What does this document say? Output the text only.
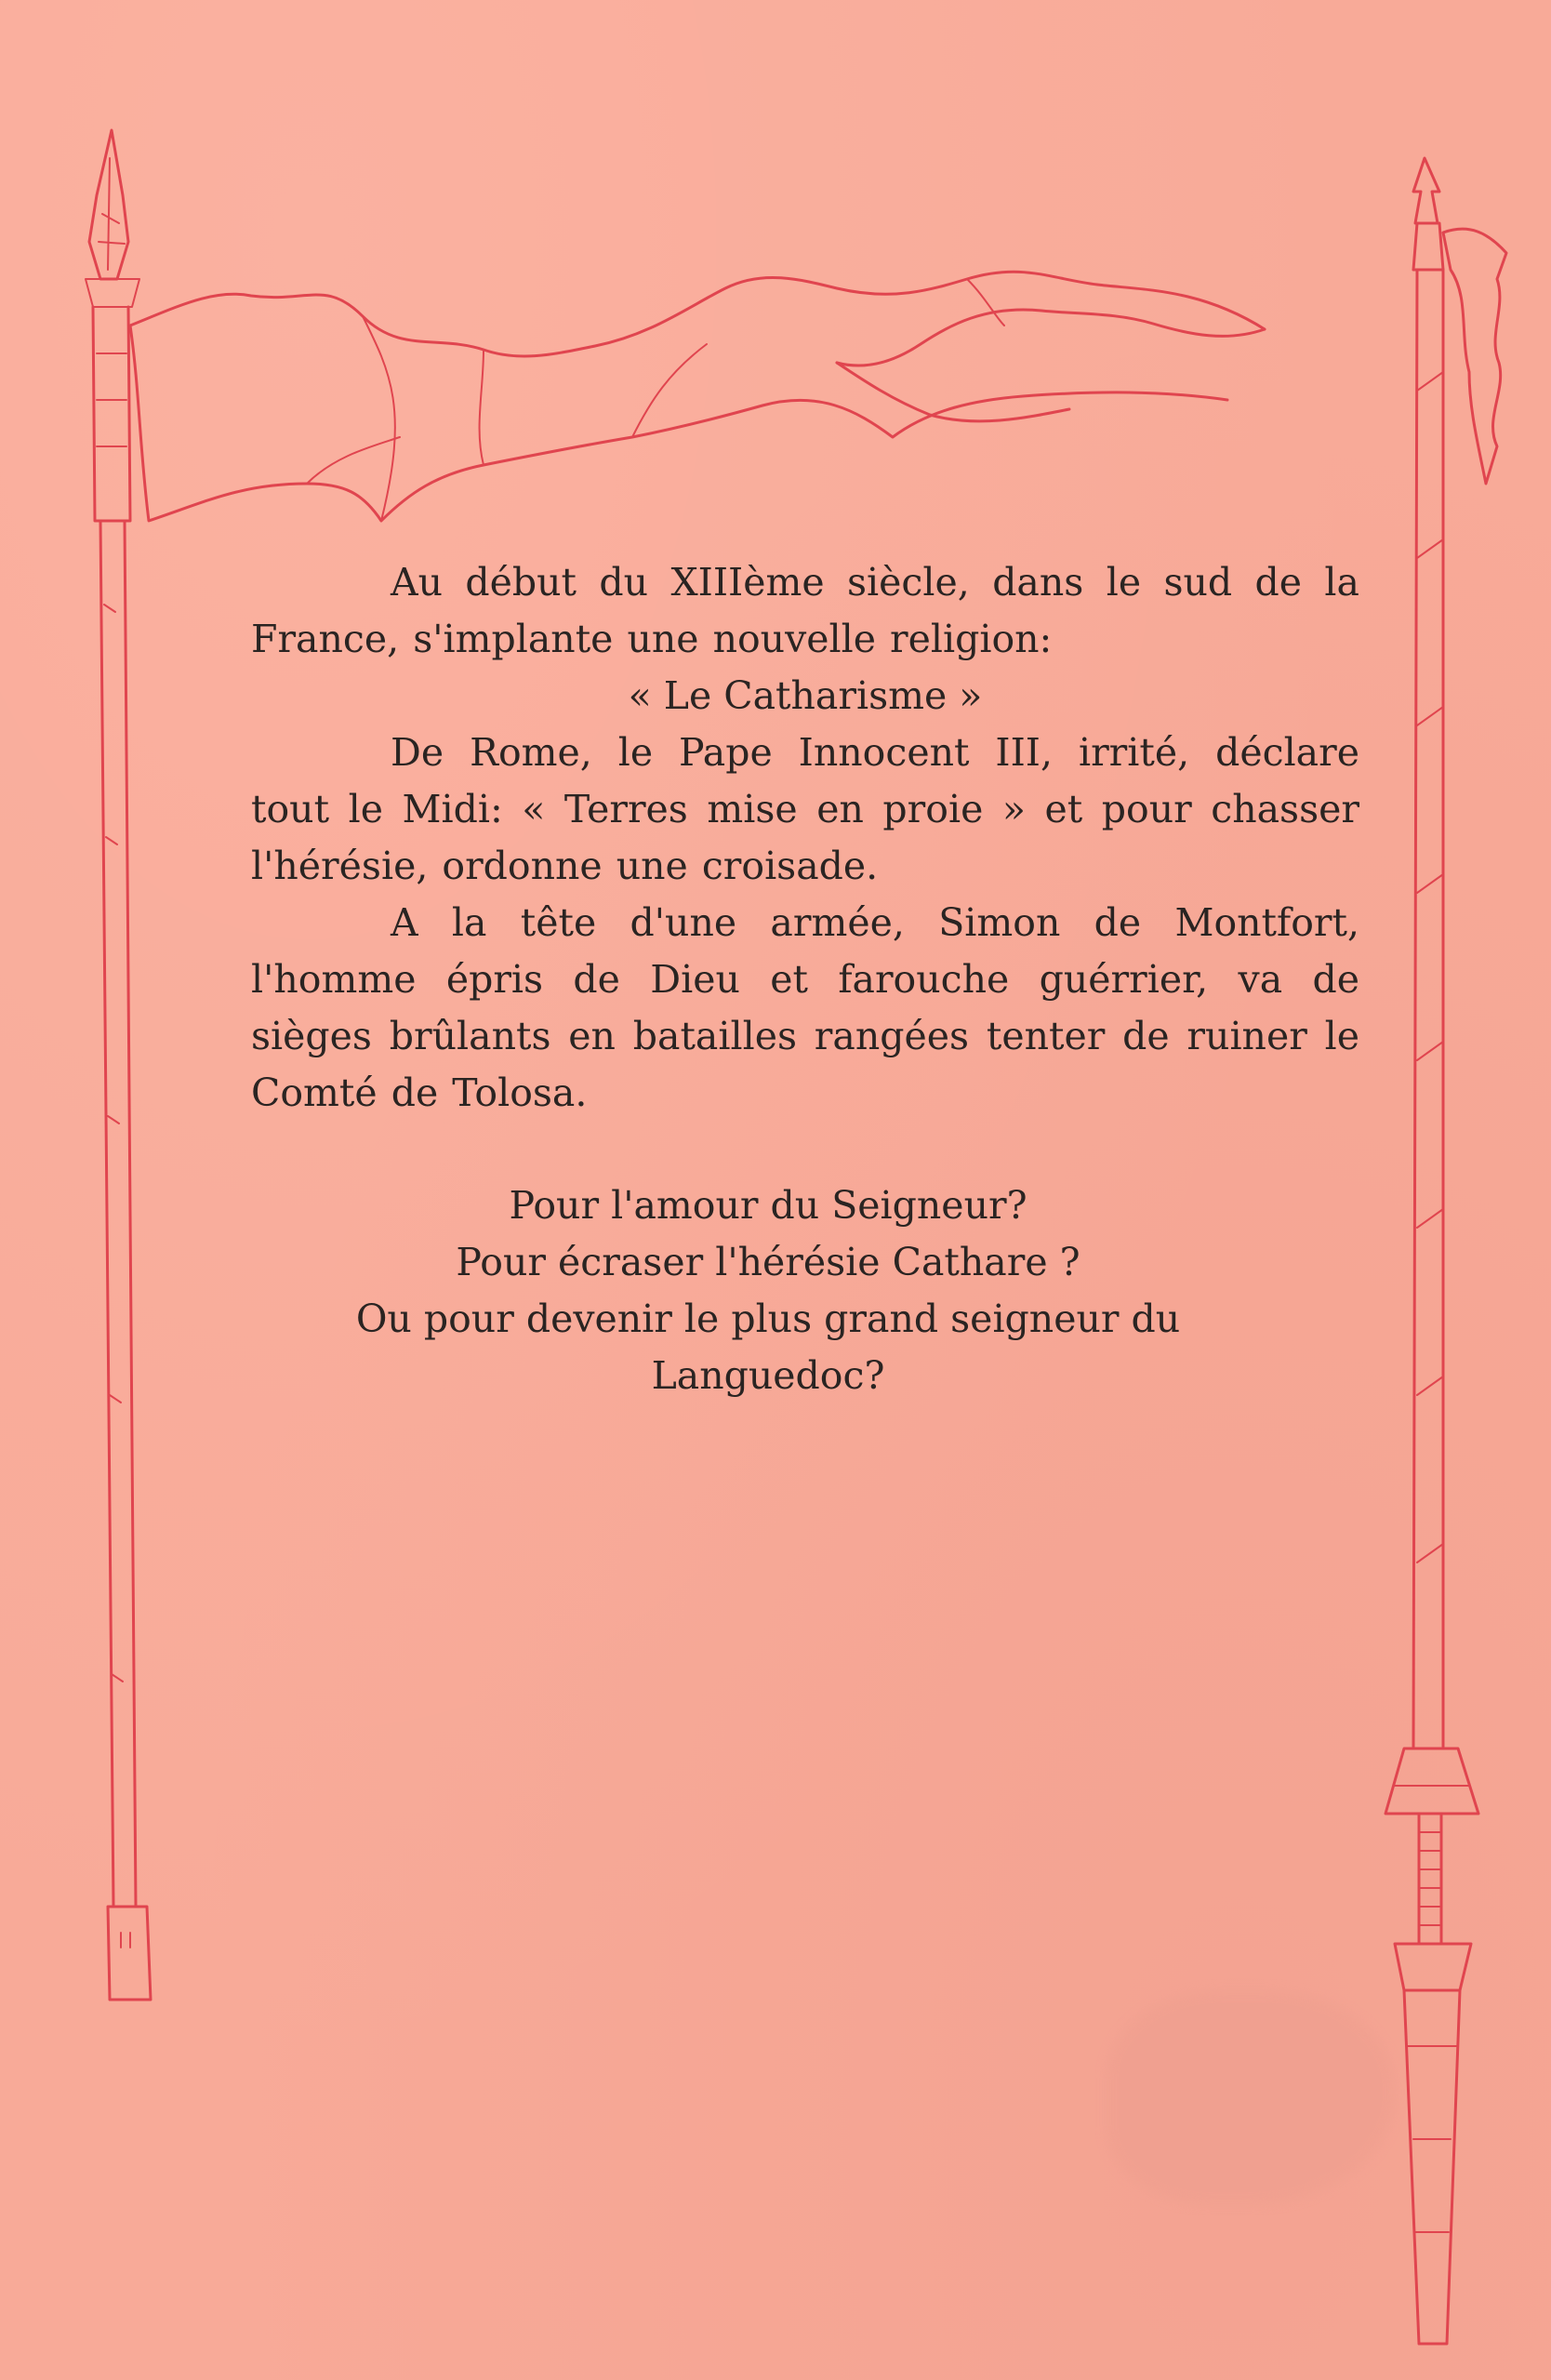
Au début du XIIIème siècle, dans le sud de la France, s'implante une nouvelle religion:

« Le Catharisme »

De Rome, le Pape Innocent III, irrité, déclare tout le Midi: « Terres mise en proie » et pour chasser l'hérésie, ordonne une croisade.

A la tête d'une armée, Simon de Montfort, l'homme épris de Dieu et farouche guérrier, va de sièges brûlants en batailles rangées tenter de ruiner le Comté de Tolosa.

Pour l'amour du Seigneur?

Pour écraser l'hérésie Cathare ?

Ou pour devenir le plus grand seigneur du

Languedoc?
